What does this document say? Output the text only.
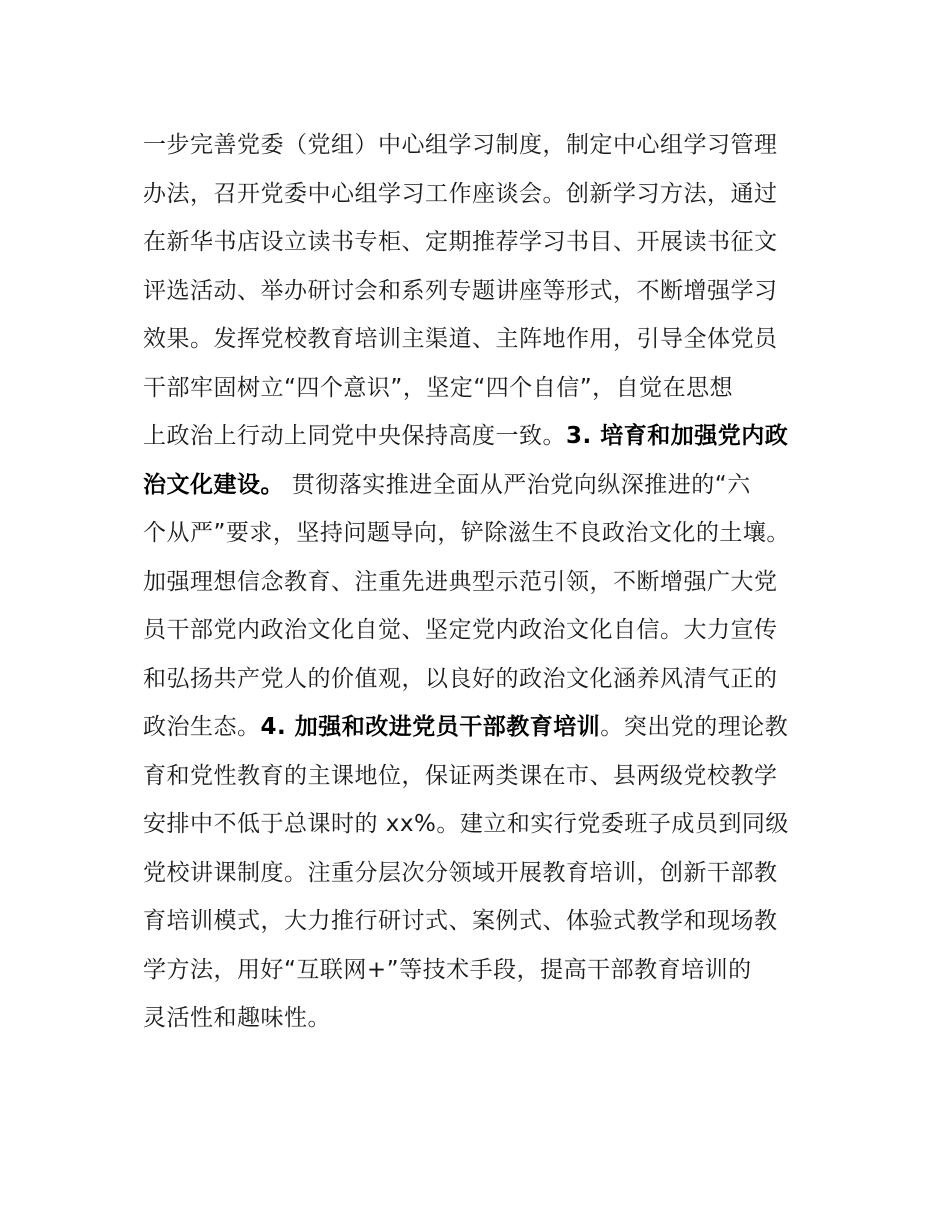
一步完善党委（党组）中心组学习制度，制定中心组学习管理
办法，召开党委中心组学习工作座谈会。创新学习方法，通过
在新华书店设立读书专柜、定期推荐学习书目、开展读书征文
评选活动、举办研讨会和系列专题讲座等形式，不断增强学习
效果。发挥党校教育培训主渠道、主阵地作用，引导全体党员
干部牢固树立“四个意识”，坚定“四个自信”，自觉在思想
上政治上行动上同党中央保持高度一致。3. 培育和加强党内政
治文化建设。 贯彻落实推进全面从严治党向纵深推进的“六
个从严”要求，坚持问题导向，铲除滋生不良政治文化的土壤。
加强理想信念教育、注重先进典型示范引领，不断增强广大党
员干部党内政治文化自觉、坚定党内政治文化自信。大力宣传
和弘扬共产党人的价值观，以良好的政治文化涵养风清气正的
政治生态。4. 加强和改进党员干部教育培训。突出党的理论教
育和党性教育的主课地位，保证两类课在市、县两级党校教学
安排中不低于总课时的 xx%。建立和实行党委班子成员到同级
党校讲课制度。注重分层次分领域开展教育培训，创新干部教
育培训模式，大力推行研讨式、案例式、体验式教学和现场教
学方法，用好“互联网+”等技术手段，提高干部教育培训的
灵活性和趣味性。
